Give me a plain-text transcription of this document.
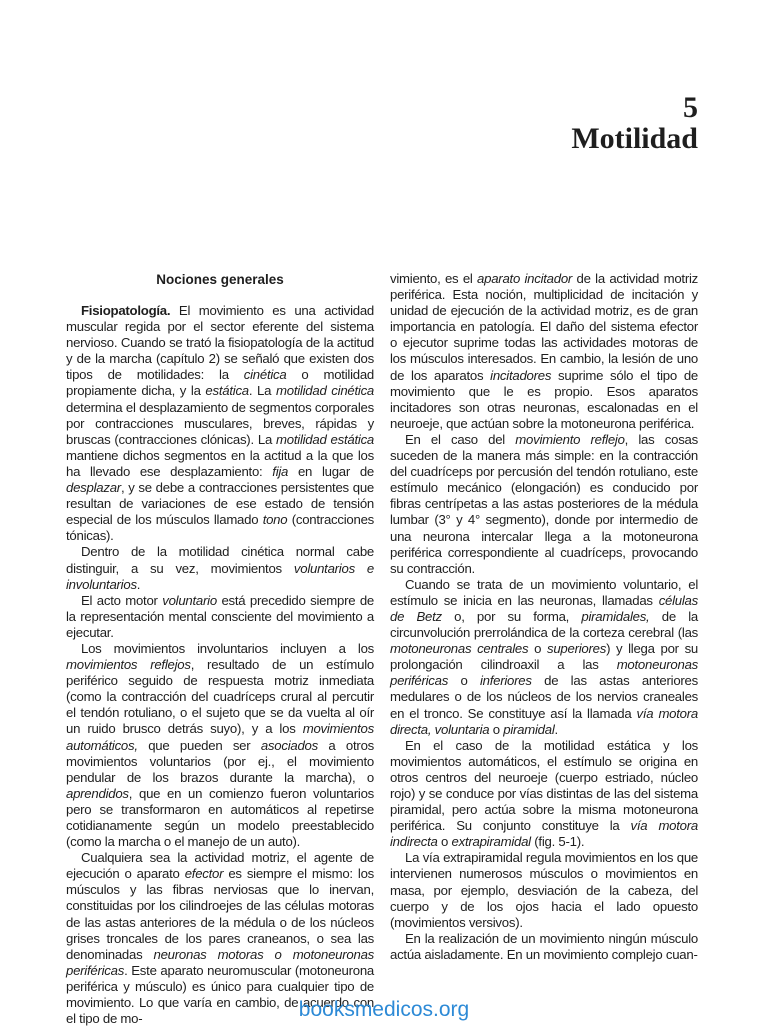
5
Motilidad
Nociones generales

Fisiopatología. El movimiento es una actividad muscular regida por el sector eferente del sistema nervioso. Cuando se trató la fisiopatología de la actitud y de la marcha (capítulo 2) se señaló que existen dos tipos de motilidades: la cinética o motilidad propiamente dicha, y la estática. La motilidad cinética determina el desplazamiento de segmentos corporales por contracciones musculares, breves, rápidas y bruscas (contracciones clónicas). La motilidad estática mantiene dichos segmentos en la actitud a la que los ha llevado ese desplazamiento: fija en lugar de desplazar, y se debe a contracciones persistentes que resultan de variaciones de ese estado de tensión especial de los músculos llamado tono (contracciones tónicas).

Dentro de la motilidad cinética normal cabe distinguir, a su vez, movimientos voluntarios e involuntarios.

El acto motor voluntario está precedido siempre de la representación mental consciente del movimiento a ejecutar.

Los movimientos involuntarios incluyen a los movimientos reflejos, resultado de un estímulo periférico seguido de respuesta motriz inmediata (como la contracción del cuadríceps crural al percutir el tendón rotuliano, o el sujeto que se da vuelta al oír un ruido brusco detrás suyo), y a los movimientos automáticos, que pueden ser asociados a otros movimientos voluntarios (por ej., el movimiento pendular de los brazos durante la marcha), o aprendidos, que en un comienzo fueron voluntarios pero se transformaron en automáticos al repetirse cotidianamente según un modelo preestablecido (como la marcha o el manejo de un auto).

Cualquiera sea la actividad motriz, el agente de ejecución o aparato efector es siempre el mismo: los músculos y las fibras nerviosas que lo inervan, constituidas por los cilindroejes de las células motoras de las astas anteriores de la médula o de los núcleos grises troncales de los pares craneanos, o sea las denominadas neuronas motoras o motoneuronas periféricas. Este aparato neuromuscular (motoneurona periférica y músculo) es único para cualquier tipo de movimiento. Lo que varía en cambio, de acuerdo con el tipo de mo-

vimiento, es el aparato incitador de la actividad motriz periférica. Esta noción, multiplicidad de incitación y unidad de ejecución de la actividad motriz, es de gran importancia en patología. El daño del sistema efector o ejecutor suprime todas las actividades motoras de los músculos interesados. En cambio, la lesión de uno de los aparatos incitadores suprime sólo el tipo de movimiento que le es propio. Esos aparatos incitadores son otras neuronas, escalonadas en el neuroeje, que actúan sobre la motoneurona periférica.

En el caso del movimiento reflejo, las cosas suceden de la manera más simple: en la contracción del cuadríceps por percusión del tendón rotuliano, este estímulo mecánico (elongación) es conducido por fibras centrípetas a las astas posteriores de la médula lumbar (3° y 4° segmento), donde por intermedio de una neurona intercalar llega a la motoneurona periférica correspondiente al cuadríceps, provocando su contracción.

Cuando se trata de un movimiento voluntario, el estímulo se inicia en las neuronas, llamadas células de Betz o, por su forma, piramidales, de la circunvolución prerrolándica de la corteza cerebral (las motoneuronas centrales o superiores) y llega por su prolongación cilindroaxil a las motoneuronas periféricas o inferiores de las astas anteriores medulares o de los núcleos de los nervios craneales en el tronco. Se constituye así la llamada vía motora directa, voluntaria o piramidal.

En el caso de la motilidad estática y los movimientos automáticos, el estímulo se origina en otros centros del neuroeje (cuerpo estriado, núcleo rojo) y se conduce por vías distintas de las del sistema piramidal, pero actúa sobre la misma motoneurona periférica. Su conjunto constituye la vía motora indirecta o extrapiramidal (fig. 5-1).

La vía extrapiramidal regula movimientos en los que intervienen numerosos músculos o movimientos en masa, por ejemplo, desviación de la cabeza, del cuerpo y de los ojos hacia el lado opuesto (movimientos versivos).

En la realización de un movimiento ningún músculo actúa aisladamente. En un movimiento complejo cuan-

booksmedicos.org
